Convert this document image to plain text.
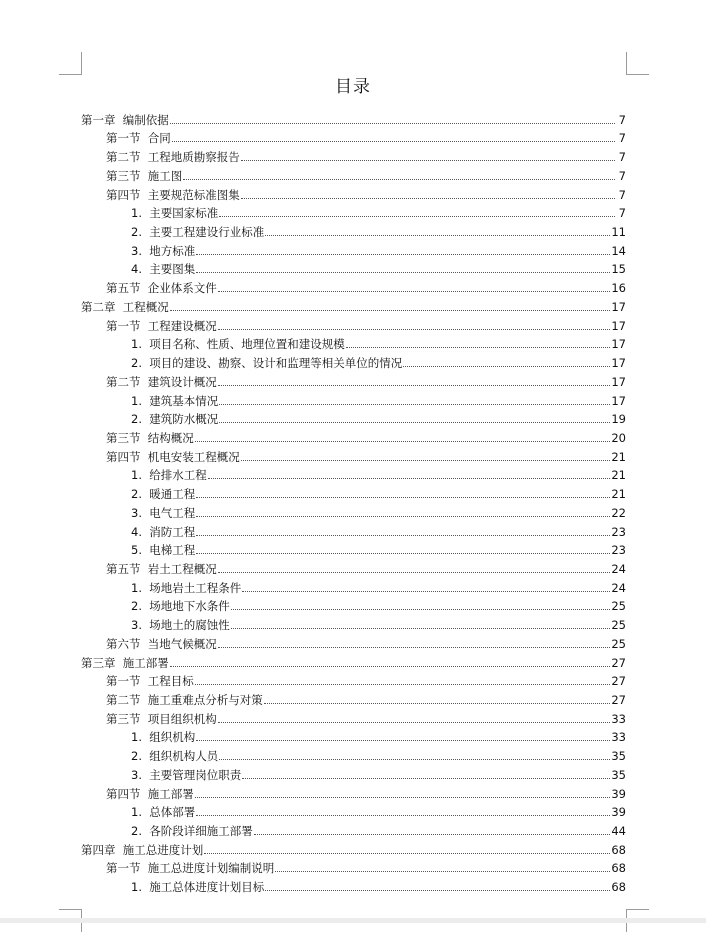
目录
第一章  编制依据	7
第一节  合同	7
第二节  工程地质勘察报告	7
第三节  施工图	7
第四节  主要规范标准图集	7
1.  主要国家标准	7
2.  主要工程建设行业标准	11
3.  地方标准	14
4.  主要图集	15
第五节  企业体系文件	16
第二章  工程概况	17
第一节  工程建设概况	17
1.  项目名称、性质、地理位置和建设规模	17
2.  项目的建设、勘察、设计和监理等相关单位的情况	17
第二节  建筑设计概况	17
1.  建筑基本情况	17
2.  建筑防水概况	19
第三节  结构概况	20
第四节  机电安装工程概况	21
1.  给排水工程	21
2.  暖通工程	21
3.  电气工程	22
4.  消防工程	23
5.  电梯工程	23
第五节  岩土工程概况	24
1.  场地岩土工程条件	24
2.  场地地下水条件	25
3.  场地土的腐蚀性	25
第六节  当地气候概况	25
第三章  施工部署	27
第一节  工程目标	27
第二节  施工重难点分析与对策	27
第三节  项目组织机构	33
1.  组织机构	33
2.  组织机构人员	35
3.  主要管理岗位职责	35
第四节  施工部署	39
1.  总体部署	39
2.  各阶段详细施工部署	44
第四章  施工总进度计划	68
第一节  施工总进度计划编制说明	68
1.  施工总体进度计划目标	68
